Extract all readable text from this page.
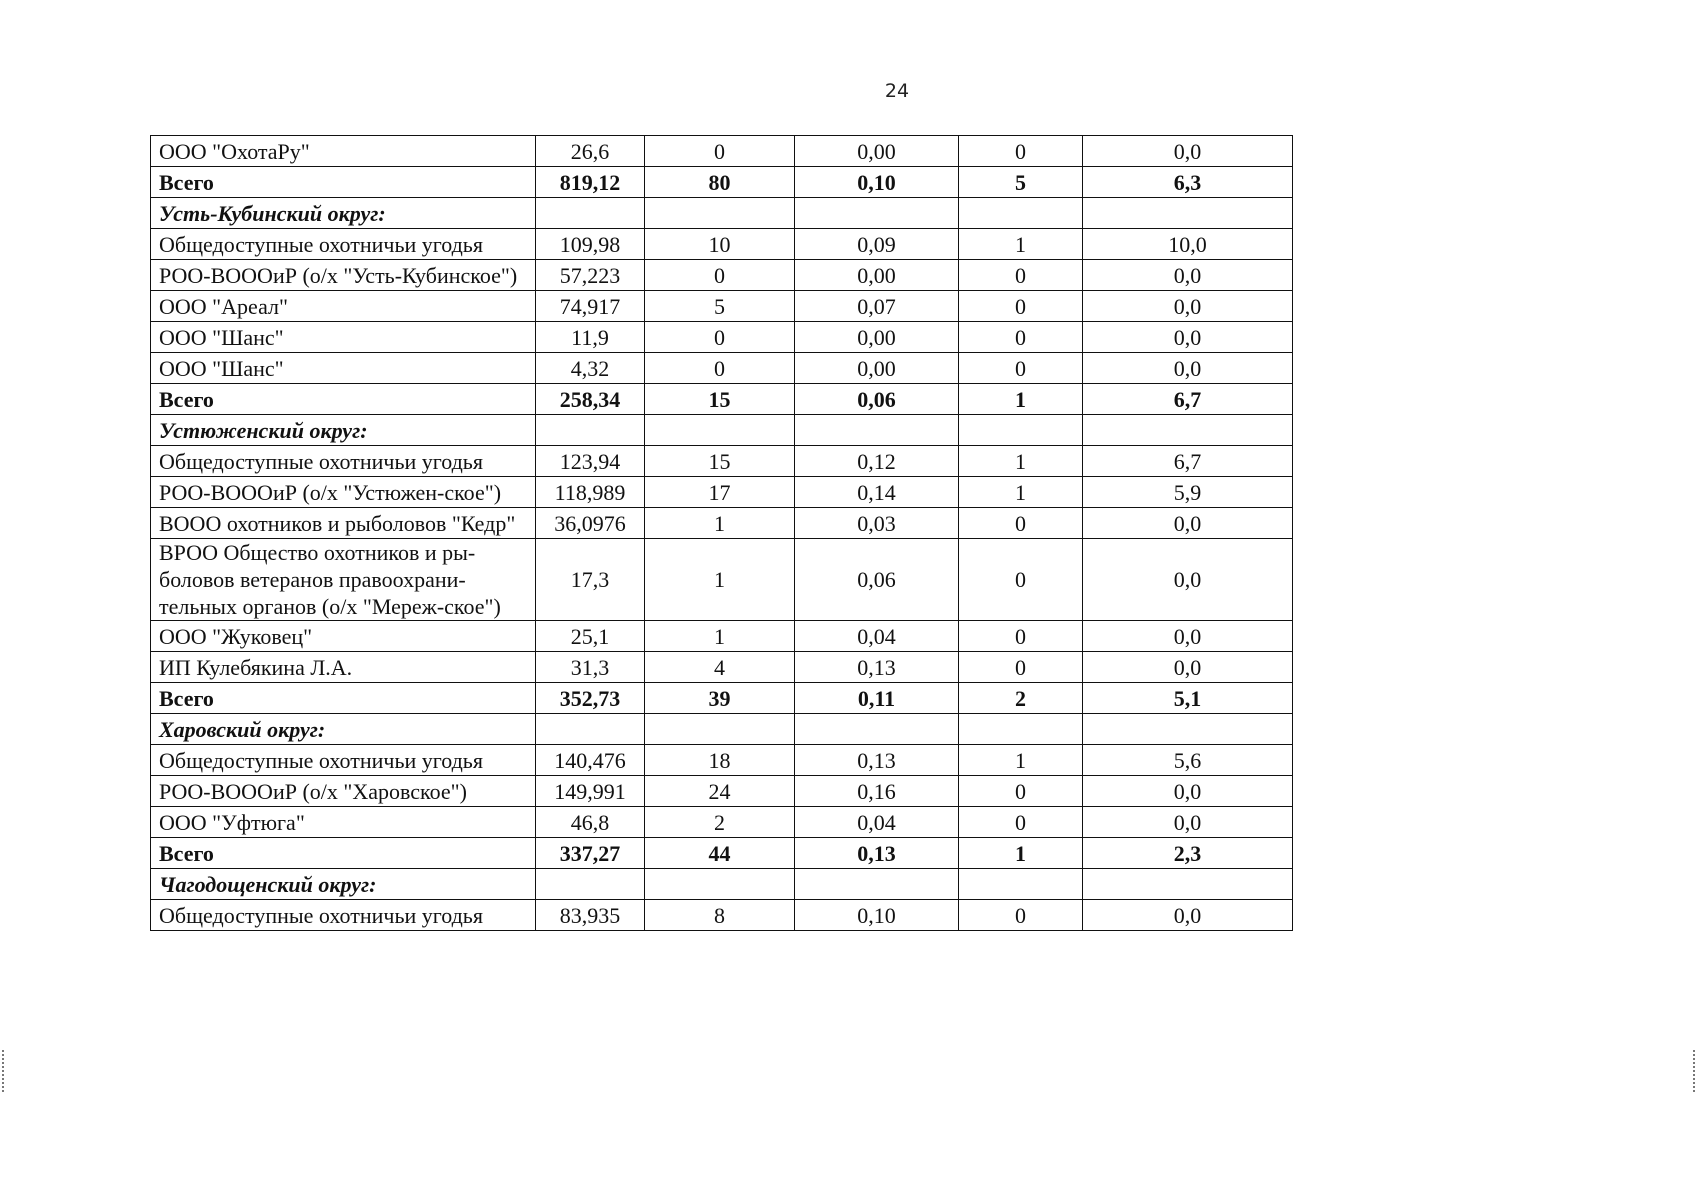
24
ООО "ОхотаРу"	26,6	0	0,00	0	0,0
Всего	819,12	80	0,10	5	6,3
Усть-Кубинский округ:					
Общедоступные охотничьи угодья	109,98	10	0,09	1	10,0
РОО-ВОООиР (о/х "Усть-Кубинское")	57,223	0	0,00	0	0,0
ООО "Ареал"	74,917	5	0,07	0	0,0
ООО "Шанс"	11,9	0	0,00	0	0,0
ООО "Шанс"	4,32	0	0,00	0	0,0
Всего	258,34	15	0,06	1	6,7
Устюженский округ:					
Общедоступные охотничьи угодья	123,94	15	0,12	1	6,7
РОО-ВОООиР (о/х "Устюжен-ское")	118,989	17	0,14	1	5,9
ВООО охотников и рыболовов "Кедр"	36,0976	1	0,03	0	0,0
ВРОО Общество охотников и ры-боловов ветеранов правоохрани-тельных органов (о/х "Мереж-ское")	17,3	1	0,06	0	0,0
ООО "Жуковец"	25,1	1	0,04	0	0,0
ИП Кулебякина Л.А.	31,3	4	0,13	0	0,0
Всего	352,73	39	0,11	2	5,1
Харовский округ:					
Общедоступные охотничьи угодья	140,476	18	0,13	1	5,6
РОО-ВОООиР (о/х "Харовское")	149,991	24	0,16	0	0,0
ООО "Уфтюга"	46,8	2	0,04	0	0,0
Всего	337,27	44	0,13	1	2,3
Чагодощенский округ:					
Общедоступные охотничьи угодья	83,935	8	0,10	0	0,0
